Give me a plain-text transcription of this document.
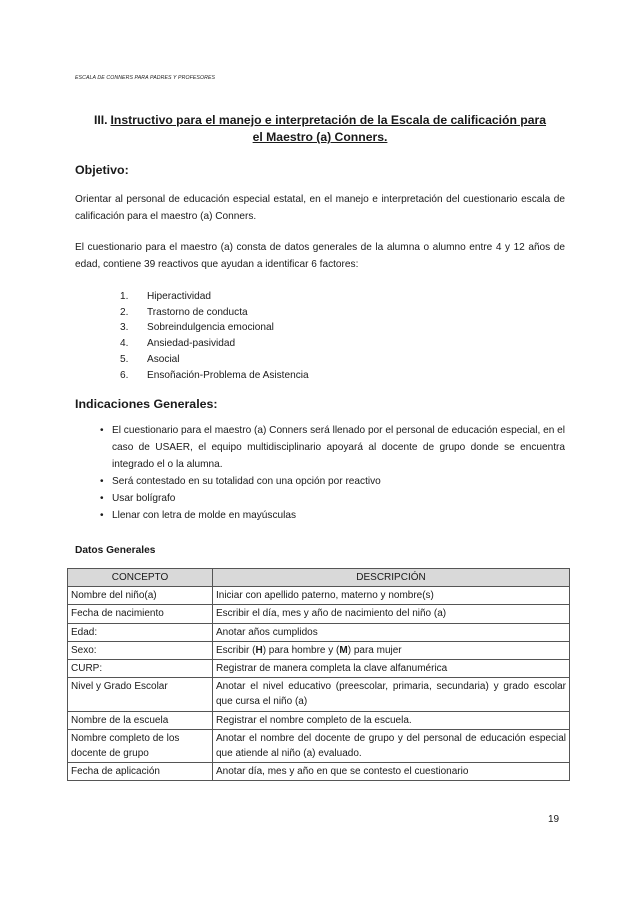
ESCALA DE CONNERS PARA PADRES Y PROFESORES
III. Instructivo para el manejo e interpretación de la Escala de calificación para
el Maestro (a) Conners.
Objetivo:

Orientar al personal de educación especial estatal, en el manejo e interpretación del cuestionario escala de calificación para el maestro (a) Conners.

El cuestionario para el maestro (a) consta de datos generales de la alumna o alumno entre 4 y 12 años de edad, contiene 39 reactivos que ayudan a identificar 6 factores:

1. Hiperactividad
2. Trastorno de conducta
3. Sobreindulgencia emocional
4. Ansiedad-pasividad
5. Asocial
6. Ensoñación-Problema de Asistencia
Indicaciones Generales:
• El cuestionario para el maestro (a) Conners será llenado por el personal de educación especial, en el caso de USAER, el equipo multidisciplinario apoyará al docente de grupo donde se encuentra integrado el o la alumna.
• Será contestado en su totalidad con una opción por reactivo
• Usar bolígrafo
• Llenar con letra de molde en mayúsculas
Datos Generales
CONCEPTO	DESCRIPCIÓN
Nombre del niño(a)	Iniciar con apellido paterno, materno y nombre(s)
Fecha de nacimiento	Escribir el día, mes y año de nacimiento del niño (a)
Edad:	Anotar años cumplidos
Sexo:	Escribir (H) para hombre y (M) para mujer
CURP:	Registrar de manera completa la clave alfanumérica
Nivel y Grado Escolar	Anotar el nivel educativo (preescolar, primaria, secundaria) y grado escolar que cursa el niño (a)
Nombre de la escuela	Registrar el nombre completo de la escuela.
Nombre completo de los docente de grupo	Anotar el nombre del docente de grupo y del personal de educación especial que atiende al niño (a) evaluado.
Fecha de aplicación	Anotar día, mes y año en que se contesto el cuestionario
19
